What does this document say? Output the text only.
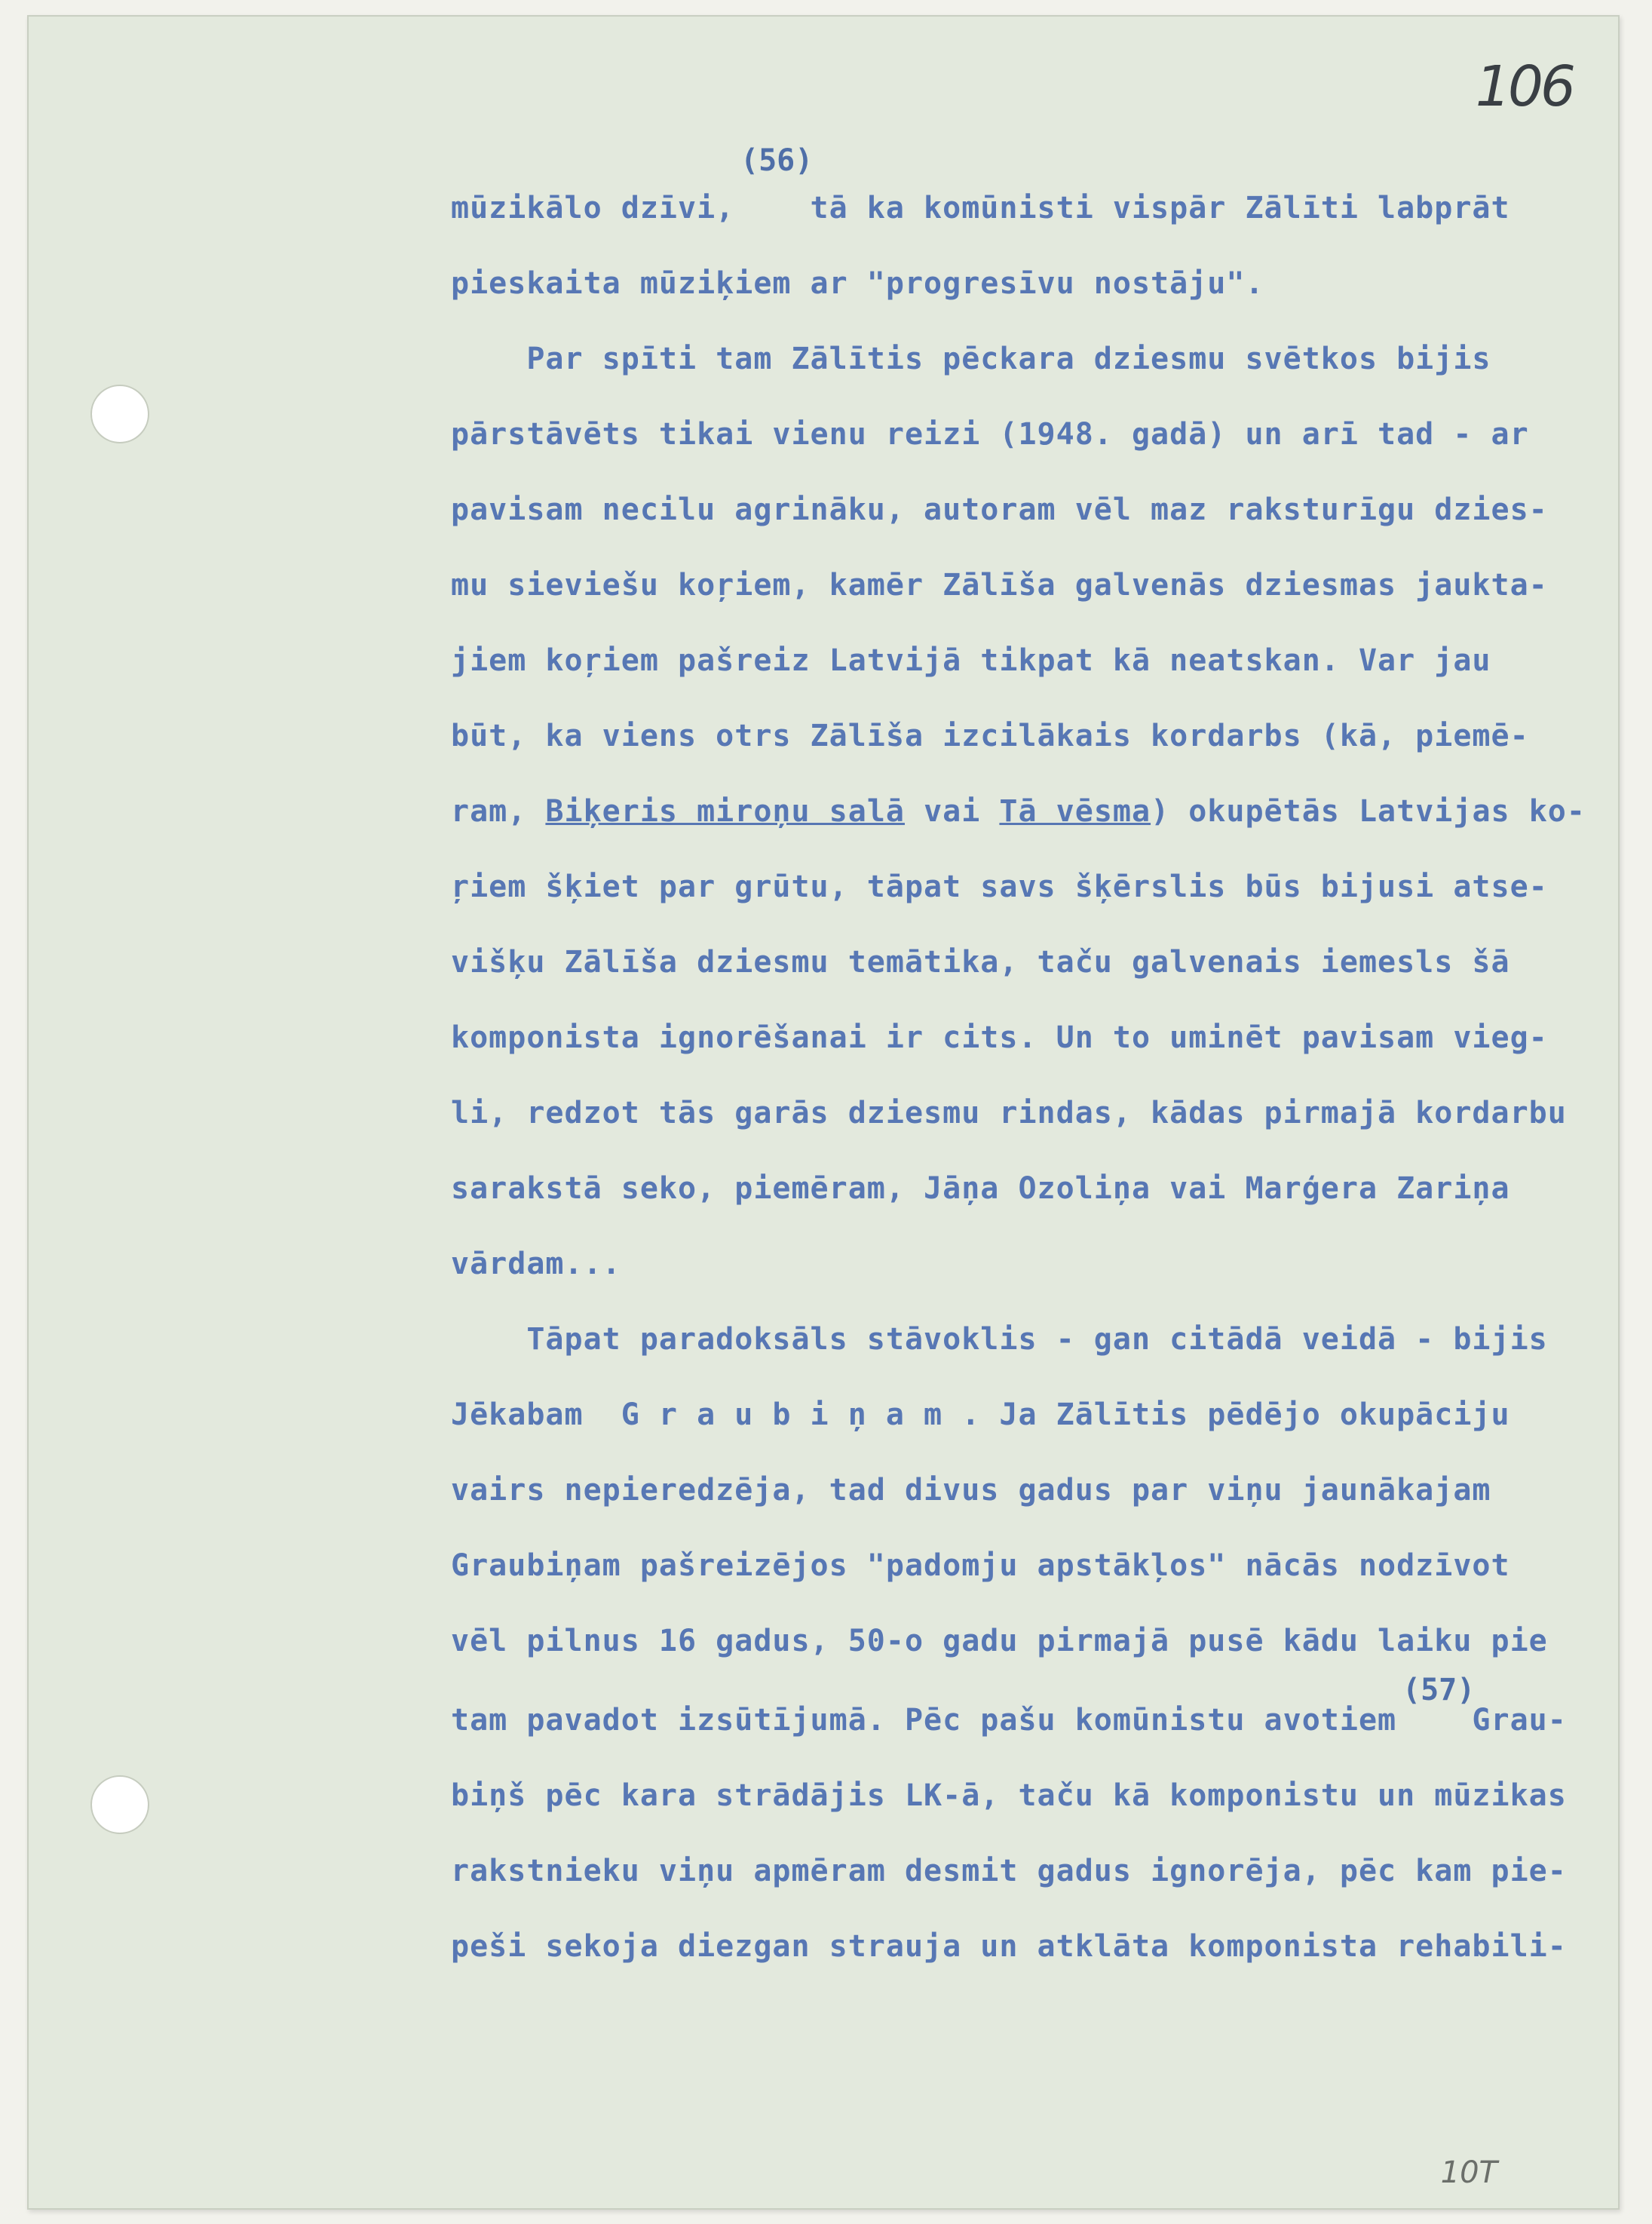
106
(56)
(57)
mūzikālo dzīvi,    tā ka komūnisti vispār Zālīti labprāt
pieskaita mūziķiem ar "progresīvu nostāju".
Par spīti tam Zālītis pēckara dziesmu svētkos bijis
pārstāvēts tikai vienu reizi (1948. gadā) un arī tad - ar
pavisam necilu agrināku, autoram vēl maz raksturīgu dzies-
mu sieviešu koŗiem, kamēr Zālīša galvenās dziesmas jaukta-
jiem koŗiem pašreiz Latvijā tikpat kā neatskan. Var jau
būt, ka viens otrs Zālīša izcilākais kordarbs (kā, piemē-
ram, Biķeris miroņu salā vai Tā vēsma) okupētās Latvijas ko-
ŗiem šķiet par grūtu, tāpat savs šķērslis būs bijusi atse-
višķu Zālīša dziesmu temātika, taču galvenais iemesls šā
komponista ignorēšanai ir cits. Un to uminēt pavisam vieg-
li, redzot tās garās dziesmu rindas, kādas pirmajā kordarbu
sarakstā seko, piemēram, Jāņa Ozoliņa vai Marģera Zariņa
vārdam...
Tāpat paradoksāls stāvoklis - gan citādā veidā - bijis
Jēkabam  G r a u b i ņ a m . Ja Zālītis pēdējo okupāciju
vairs nepieredzēja, tad divus gadus par viņu jaunākajam
Graubiņam pašreizējos "padomju apstākļos" nācās nodzīvot
vēl pilnus 16 gadus, 50-o gadu pirmajā pusē kādu laiku pie
tam pavadot izsūtījumā. Pēc pašu komūnistu avotiem    Grau-
biņš pēc kara strādājis LK-ā, taču kā komponistu un mūzikas
rakstnieku viņu apmēram desmit gadus ignorēja, pēc kam pie-
peši sekoja diezgan strauja un atklāta komponista rehabili-
10Τ
